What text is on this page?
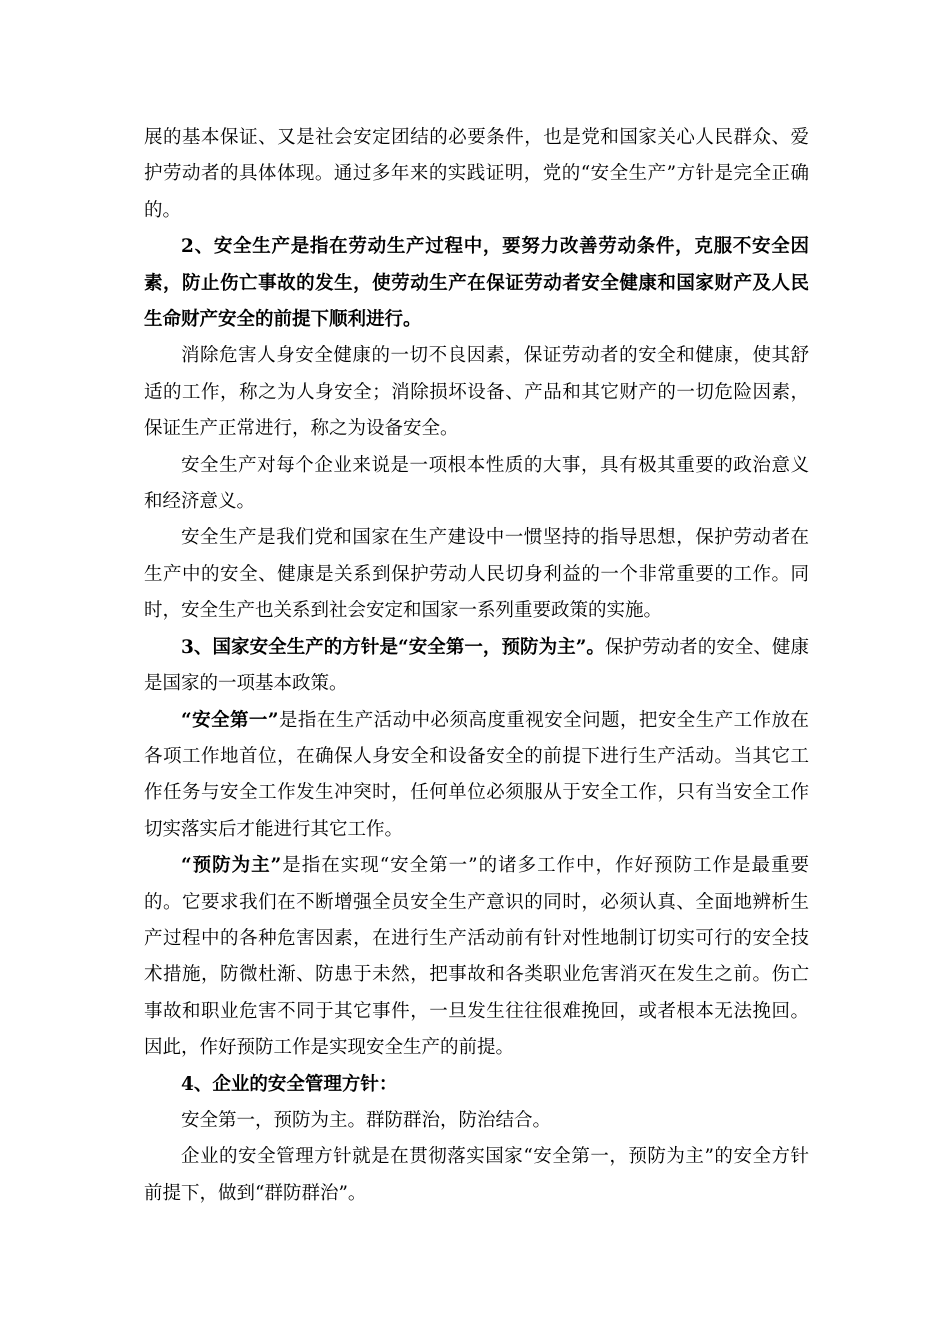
展的基本保证、又是社会安定团结的必要条件，也是党和国家关心人民群众、爱护劳动者的具体体现。通过多年来的实践证明，党的“安全生产”方针是完全正确的。

2、安全生产是指在劳动生产过程中，要努力改善劳动条件，克服不安全因素，防止伤亡事故的发生，使劳动生产在保证劳动者安全健康和国家财产及人民生命财产安全的前提下顺利进行。

消除危害人身安全健康的一切不良因素，保证劳动者的安全和健康，使其舒适的工作，称之为人身安全；消除损坏设备、产品和其它财产的一切危险因素，保证生产正常进行，称之为设备安全。

安全生产对每个企业来说是一项根本性质的大事，具有极其重要的政治意义和经济意义。

安全生产是我们党和国家在生产建设中一惯坚持的指导思想，保护劳动者在生产中的安全、健康是关系到保护劳动人民切身利益的一个非常重要的工作。同时，安全生产也关系到社会安定和国家一系列重要政策的实施。

3、国家安全生产的方针是“安全第一，预防为主”。保护劳动者的安全、健康是国家的一项基本政策。

“安全第一”是指在生产活动中必须高度重视安全问题，把安全生产工作放在各项工作地首位，在确保人身安全和设备安全的前提下进行生产活动。当其它工作任务与安全工作发生冲突时，任何单位必须服从于安全工作，只有当安全工作切实落实后才能进行其它工作。

“预防为主”是指在实现“安全第一”的诸多工作中，作好预防工作是最重要的。它要求我们在不断增强全员安全生产意识的同时，必须认真、全面地辨析生产过程中的各种危害因素，在进行生产活动前有针对性地制订切实可行的安全技术措施，防微杜渐、防患于未然，把事故和各类职业危害消灭在发生之前。伤亡事故和职业危害不同于其它事件，一旦发生往往很难挽回，或者根本无法挽回。因此，作好预防工作是实现安全生产的前提。

4、企业的安全管理方针：

安全第一，预防为主。群防群治，防治结合。

企业的安全管理方针就是在贯彻落实国家“安全第一，预防为主”的安全方针前提下，做到“群防群治”。
